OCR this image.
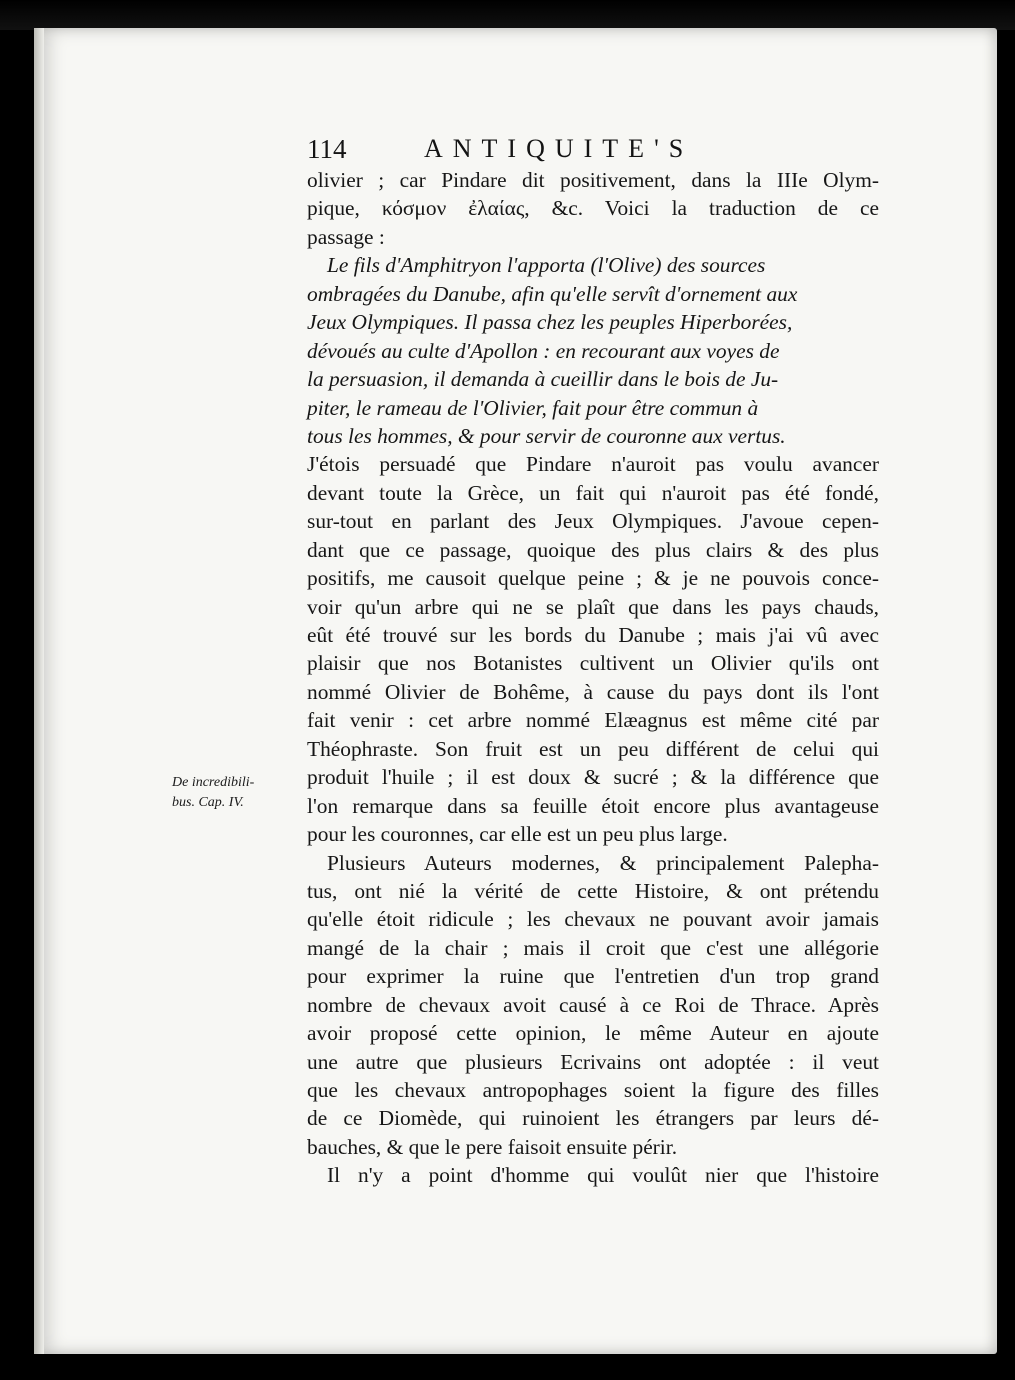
114	ANTIQUITE'S
De incredibili-
bus. Cap. IV.
olivier ; car Pindare dit positivement, dans la IIIe Olym-
pique, κόσμον ἐλαίας, &c. Voici la traduction de ce
passage :
Le fils d'Amphitryon l'apporta (l'Olive) des sources
ombragées du Danube, afin qu'elle servît d'ornement aux
Jeux Olympiques. Il passa chez les peuples Hiperborées,
dévoués au culte d'Apollon : en recourant aux voyes de
la persuasion, il demanda à cueillir dans le bois de Ju-
piter, le rameau de l'Olivier, fait pour être commun à
tous les hommes, & pour servir de couronne aux vertus.
J'étois persuadé que Pindare n'auroit pas voulu avancer
devant toute la Grèce, un fait qui n'auroit pas été fondé,
sur-tout en parlant des Jeux Olympiques. J'avoue cepen-
dant que ce passage, quoique des plus clairs & des plus
positifs, me causoit quelque peine ; & je ne pouvois conce-
voir qu'un arbre qui ne se plaît que dans les pays chauds,
eût été trouvé sur les bords du Danube ; mais j'ai vû avec
plaisir que nos Botanistes cultivent un Olivier qu'ils ont
nommé Olivier de Bohême, à cause du pays dont ils l'ont
fait venir : cet arbre nommé Elæagnus est même cité par
Théophraste. Son fruit est un peu différent de celui qui
produit l'huile ; il est doux & sucré ; & la différence que
l'on remarque dans sa feuille étoit encore plus avantageuse
pour les couronnes, car elle est un peu plus large.
Plusieurs Auteurs modernes, & principalement Palepha-
tus, ont nié la vérité de cette Histoire, & ont prétendu
qu'elle étoit ridicule ; les chevaux ne pouvant avoir jamais
mangé de la chair ; mais il croit que c'est une allégorie
pour exprimer la ruine que l'entretien d'un trop grand
nombre de chevaux avoit causé à ce Roi de Thrace. Après
avoir proposé cette opinion, le même Auteur en ajoute
une autre que plusieurs Ecrivains ont adoptée : il veut
que les chevaux antropophages soient la figure des filles
de ce Diomède, qui ruinoient les étrangers par leurs dé-
bauches, & que le pere faisoit ensuite périr.
Il n'y a point d'homme qui voulût nier que l'histoire
